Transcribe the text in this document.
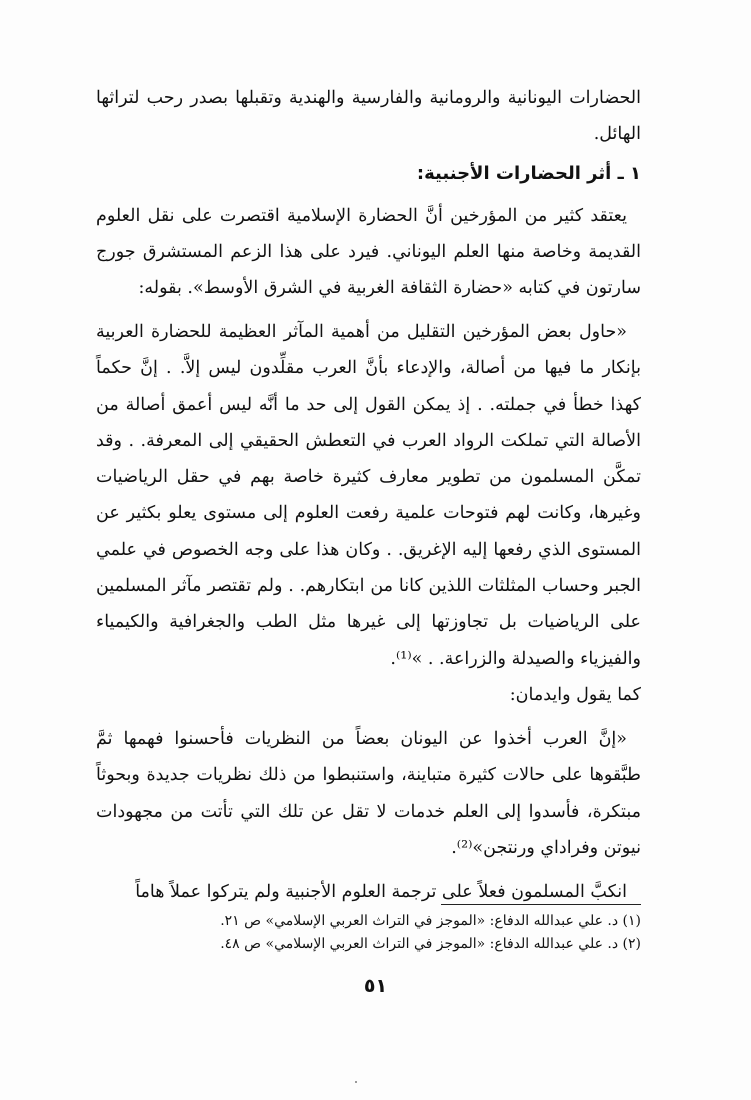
الحضارات اليونانية والرومانية والفارسية والهندية وتقبلها بصدر رحب لتراثها الهائل.

١ ـ أثر الحضارات الأجنبية:

يعتقد كثير من المؤرخين أنَّ الحضارة الإسلامية اقتصرت على نقل العلوم القديمة وخاصة منها العلم اليوناني. فيرد على هذا الزعم المستشرق جورج سارتون في كتابه «حضارة الثقافة الغربية في الشرق الأوسط». بقوله:

«حاول بعض المؤرخين التقليل من أهمية المآثر العظيمة للحضارة العربية بإنكار ما فيها من أصالة، والإدعاء بأنَّ العرب مقلِّدون ليس إلاَّ. . إنَّ حكماً كهذا خطأ في جملته. . إذ يمكن القول إلى حد ما أنَّه ليس أعمق أصالة من الأصالة التي تملكت الرواد العرب في التعطش الحقيقي إلى المعرفة. . وقد تمكَّن المسلمون من تطوير معارف كثيرة خاصة بهم في حقل الرياضيات وغيرها، وكانت لهم فتوحات علمية رفعت العلوم إلى مستوى يعلو بكثير عن المستوى الذي رفعها إليه الإغريق. . وكان هذا على وجه الخصوص في علمي الجبر وحساب المثلثات اللذين كانا من ابتكارهم. . ولم تقتصر مآثر المسلمين على الرياضيات بل تجاوزتها إلى غيرها مثل الطب والجغرافية والكيمياء والفيزياء والصيدلة والزراعة. . »⁽¹⁾.

كما يقول وايدمان:

«إنَّ العرب أخذوا عن اليونان بعضاً من النظريات فأحسنوا فهمها ثمَّ طبَّقوها على حالات كثيرة متباينة، واستنبطوا من ذلك نظريات جديدة وبحوثاً مبتكرة، فأسدوا إلى العلم خدمات لا تقل عن تلك التي تأتت من مجهودات نيوتن وفراداي ورنتجن»⁽²⁾.

انكبَّ المسلمون فعلاً على ترجمة العلوم الأجنبية ولم يتركوا عملاً هاماً

(١) د. علي عبدالله الدفاع: «الموجز في التراث العربي الإسلامي» ص ٢١.
(٢) د. علي عبدالله الدفاع: «الموجز في التراث العربي الإسلامي» ص ٤٨.
٥١
